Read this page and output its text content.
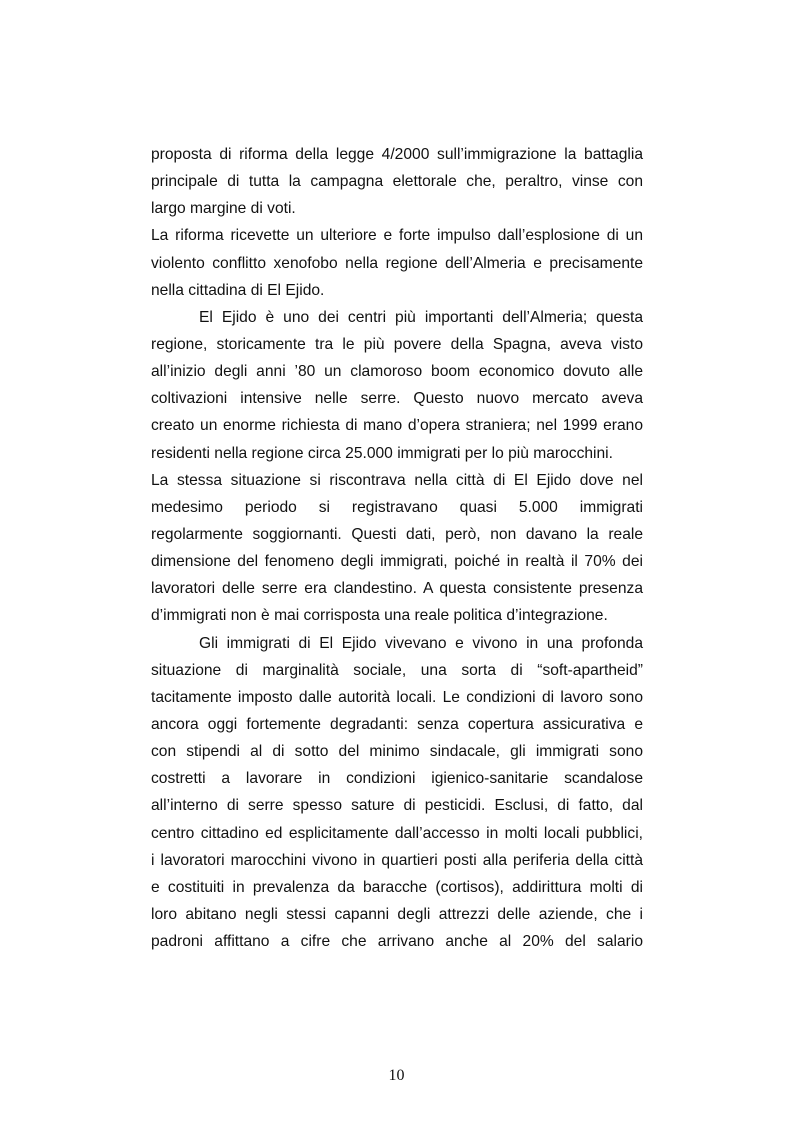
proposta di riforma della legge 4/2000 sull’immigrazione la battaglia
principale di tutta la campagna elettorale che, peraltro, vinse con
largo margine di voti.
La riforma ricevette un ulteriore e forte impulso dall’esplosione di un
violento conflitto xenofobo nella regione dell’Almeria e precisamente
nella cittadina di El Ejido.
El Ejido è uno dei centri più importanti dell’Almeria; questa
regione, storicamente tra le più povere della Spagna, aveva visto
all’inizio degli anni ’80 un clamoroso boom economico dovuto alle
coltivazioni intensive nelle serre. Questo nuovo mercato aveva
creato un enorme richiesta di mano d’opera straniera; nel 1999 erano
residenti nella regione circa 25.000 immigrati per lo più marocchini.
La stessa situazione si riscontrava nella città di El Ejido dove nel
medesimo periodo si registravano quasi 5.000 immigrati
regolarmente soggiornanti. Questi dati, però, non davano la reale
dimensione del fenomeno degli immigrati, poiché in realtà il 70% dei
lavoratori delle serre era clandestino. A questa consistente presenza
d’immigrati non è mai corrisposta una reale politica d’integrazione.
Gli immigrati di El Ejido vivevano e vivono in una profonda
situazione di marginalità sociale, una sorta di “soft-apartheid”
tacitamente imposto dalle autorità locali. Le condizioni di lavoro sono
ancora oggi fortemente degradanti: senza copertura assicurativa e
con stipendi al di sotto del minimo sindacale, gli immigrati sono
costretti a lavorare in condizioni igienico-sanitarie scandalose
all’interno di serre spesso sature di pesticidi. Esclusi, di fatto, dal
centro cittadino ed esplicitamente dall’accesso in molti locali pubblici,
i lavoratori marocchini vivono in quartieri posti alla periferia della città
e costituiti in prevalenza da baracche (cortisos), addirittura molti di
loro abitano negli stessi capanni degli attrezzi delle aziende, che i
padroni affittano a cifre che arrivano anche al 20% del salario
10
